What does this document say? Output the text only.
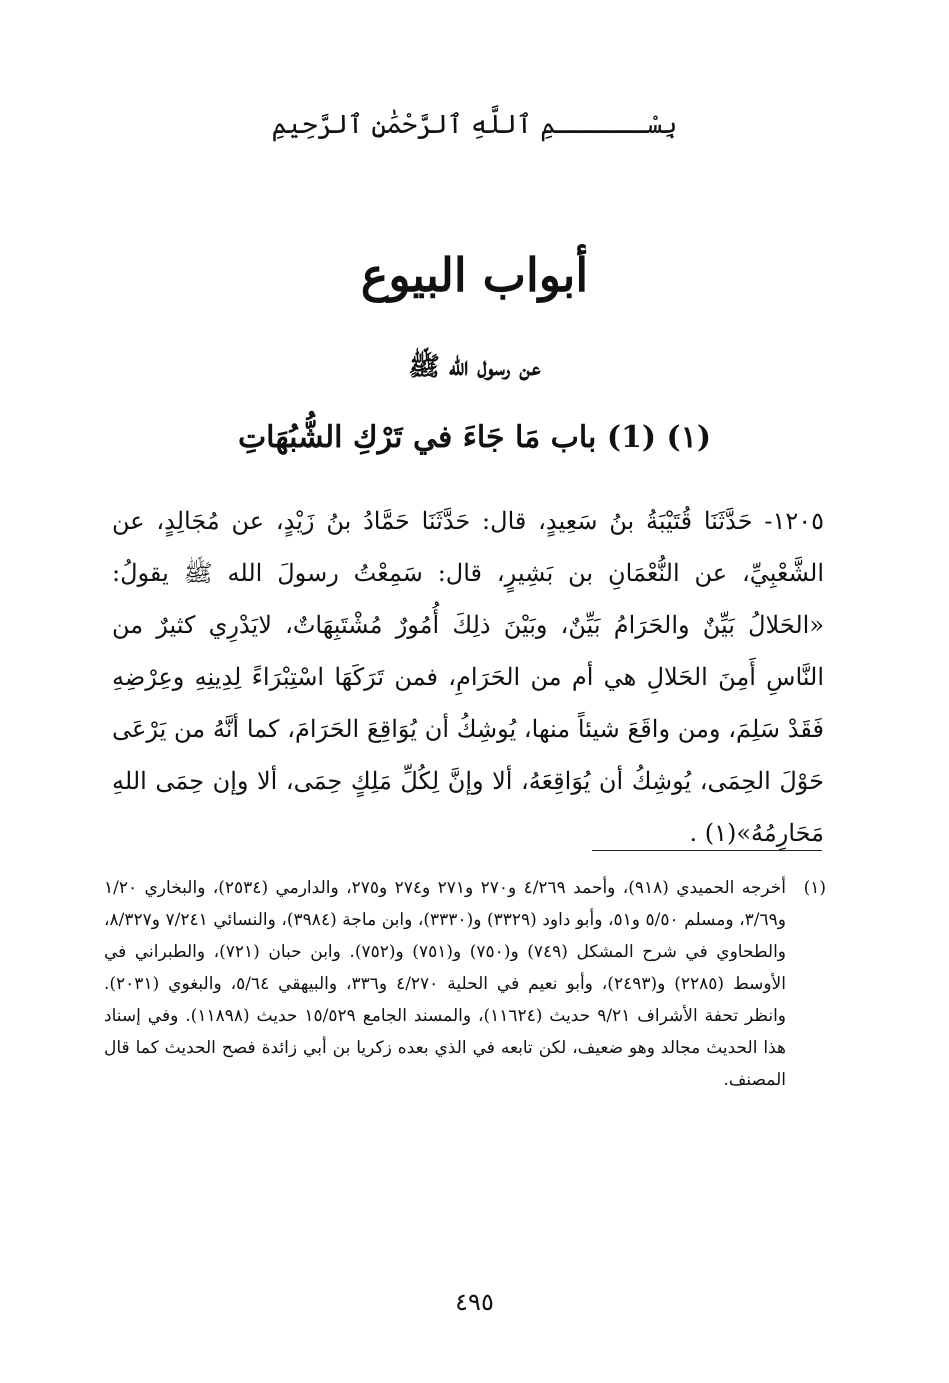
بِسْــــــمِ ٱللَّهِ ٱلرَّحْمَٰنِ ٱلرَّحِيمِ
أبواب البيوع
عن رسول الله ﷺ
(١) (1) باب مَا جَاءَ في تَرْكِ الشُّبُهَاتِ
١٢٠٥- حَدَّثَنَا قُتَيْبَةُ بنُ سَعِيدٍ، قال: حَدَّثَنَا حَمَّادُ بنُ زَيْدٍ، عن مُجَالِدٍ، عن الشَّعْبِيِّ، عن النُّعْمَانِ بن بَشِيرٍ، قال: سَمِعْتُ رسولَ الله ﷺ يقولُ: «الحَلالُ بَيِّنٌ والحَرَامُ بَيِّنٌ، وبَيْنَ ذلِكَ أُمُورٌ مُشْتَبِهَاتٌ، لايَدْرِي كثيرٌ من النَّاسِ أَمِنَ الحَلالِ هي أم من الحَرَامِ، فمن تَرَكَهَا اسْتِبْرَاءً لِدِينِهِ وعِرْضِهِ فَقَدْ سَلِمَ، ومن واقَعَ شيئاً منها، يُوشِكُ أن يُوَاقِعَ الحَرَامَ، كما أنَّهُ من يَرْعَى حَوْلَ الحِمَى، يُوشِكُ أن يُوَاقِعَهُ، ألا وإنَّ لِكُلِّ مَلِكٍ حِمَى، ألا وإن حِمَى اللهِ مَحَارِمُهُ»(١) .
(١)
أخرجه الحميدي (٩١٨)، وأحمد ٤/٢٦٩ و٢٧٠ و٢٧١ و٢٧٤ و٢٧٥، والدارمي (٢٥٣٤)، والبخاري ١/٢٠ و٣/٦٩، ومسلم ٥/٥٠ و٥١، وأبو داود (٣٣٢٩) و(٣٣٣٠)، وابن ماجة (٣٩٨٤)، والنسائي ٧/٢٤١ و٨/٣٢٧، والطحاوي في شرح المشكل (٧٤٩) و(٧٥٠) و(٧٥١) و(٧٥٢). وابن حبان (٧٢١)، والطبراني في الأوسط (٢٢٨٥) و(٢٤٩٣)، وأبو نعيم في الحلية ٤/٢٧٠ و٣٣٦، والبيهقي ٥/٦٤، والبغوي (٢٠٣١). وانظر تحفة الأشراف ٩/٢١ حديث (١١٦٢٤)، والمسند الجامع ١٥/٥٢٩ حديث (١١٨٩٨). وفي إسناد هذا الحديث مجالد وهو ضعيف، لكن تابعه في الذي بعده زكريا بن أبي زائدة فصح الحديث كما قال المصنف.
٤٩٥
